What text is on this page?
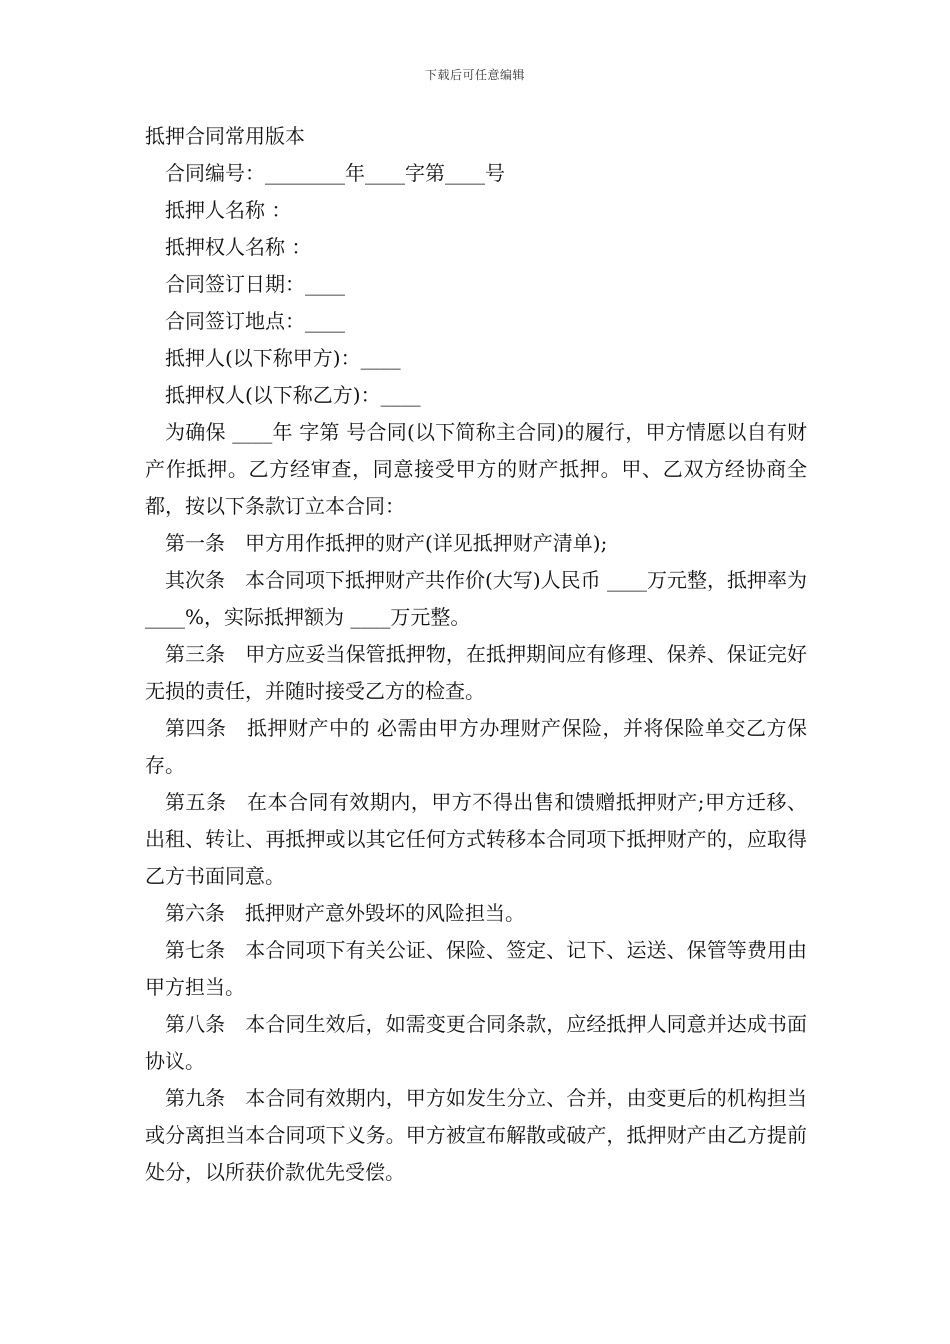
下载后可任意编辑

抵押合同常用版本

合同编号：________年____字第____号

抵押人名称 ：

抵押权人名称 ：

合同签订日期：____

合同签订地点：____

抵押人(以下称甲方)：____

抵押权人(以下称乙方)：____

为确保 ____年 字第 号合同(以下简称主合同)的履行，甲方情愿以自有财产作抵押。乙方经审查，同意接受甲方的财产抵押。甲、乙双方经协商全都，按以下条款订立本合同：

第一条　甲方用作抵押的财产(详见抵押财产清单);

其次条　本合同项下抵押财产共作价(大写)人民币 ____万元整，抵押率为____%，实际抵押额为 ____万元整。

第三条　甲方应妥当保管抵押物，在抵押期间应有修理、保养、保证完好无损的责任，并随时接受乙方的检查。

第四条　抵押财产中的 必需由甲方办理财产保险，并将保险单交乙方保存。

第五条　在本合同有效期内，甲方不得出售和馈赠抵押财产;甲方迁移、出租、转让、再抵押或以其它任何方式转移本合同项下抵押财产的，应取得乙方书面同意。

第六条　抵押财产意外毁坏的风险担当。

第七条　本合同项下有关公证、保险、签定、记下、运送、保管等费用由甲方担当。

第八条　本合同生效后，如需变更合同条款，应经抵押人同意并达成书面协议。

第九条　本合同有效期内，甲方如发生分立、合并，由变更后的机构担当或分离担当本合同项下义务。甲方被宣布解散或破产，抵押财产由乙方提前处分，以所获价款优先受偿。
